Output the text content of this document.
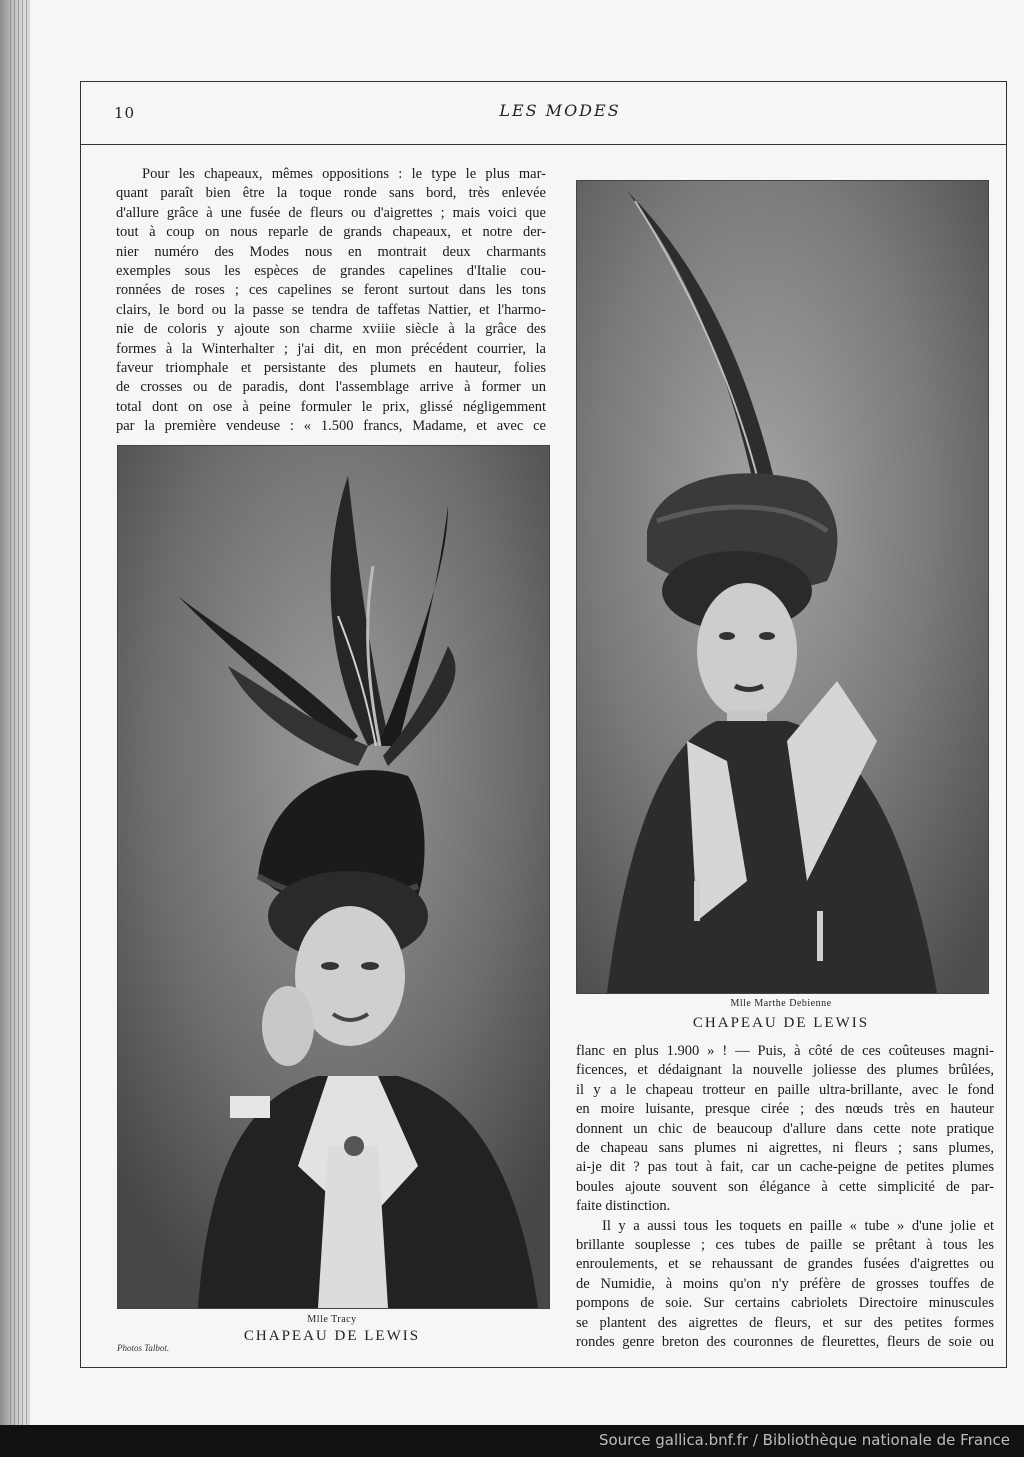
10	LES MODES

Pour les chapeaux, mêmes oppositions : le type le plus mar-

quant paraît bien être la toque ronde sans bord, très enlevée

d'allure grâce à une fusée de fleurs ou d'aigrettes ; mais voici que

tout à coup on nous reparle de grands chapeaux, et notre der-

nier numéro des Modes nous en montrait deux charmants

exemples sous les espèces de grandes capelines d'Italie cou-

ronnées de roses ; ces capelines se feront surtout dans les tons

clairs, le bord ou la passe se tendra de taffetas Nattier, et l'harmo-

nie de coloris y ajoute son charme xviiie siècle à la grâce des

formes à la Winterhalter ; j'ai dit, en mon précédent courrier, la

faveur triomphale et persistante des plumets en hauteur, folies

de crosses ou de paradis, dont l'assemblage arrive à former un

total dont on ose à peine formuler le prix, glissé négligemment

par la première vendeuse : « 1.500 francs, Madame, et avec ce

Photos Talbot.
Mlle Tracy
CHAPEAU DE LEWIS
Mlle Marthe Debienne
CHAPEAU DE LEWIS

flanc en plus 1.900 » ! — Puis, à côté de ces coûteuses magni-

ficences, et dédaignant la nouvelle joliesse des plumes brûlées,

il y a le chapeau trotteur en paille ultra-brillante, avec le fond

en moire luisante, presque cirée ; des nœuds très en hauteur

donnent un chic de beaucoup d'allure dans cette note pratique

de chapeau sans plumes ni aigrettes, ni fleurs ; sans plumes,

ai-je dit ? pas tout à fait, car un cache-peigne de petites plumes

boules ajoute souvent son élégance à cette simplicité de par-

faite distinction.

Il y a aussi tous les toquets en paille « tube » d'une jolie et

brillante souplesse ; ces tubes de paille se prêtant à tous les

enroulements, et se rehaussant de grandes fusées d'aigrettes ou

de Numidie, à moins qu'on n'y préfère de grosses touffes de

pompons de soie. Sur certains cabriolets Directoire minuscules

se plantent des aigrettes de fleurs, et sur des petites formes

rondes genre breton des couronnes de fleurettes, fleurs de soie ou

Source gallica.bnf.fr / Bibliothèque nationale de France
